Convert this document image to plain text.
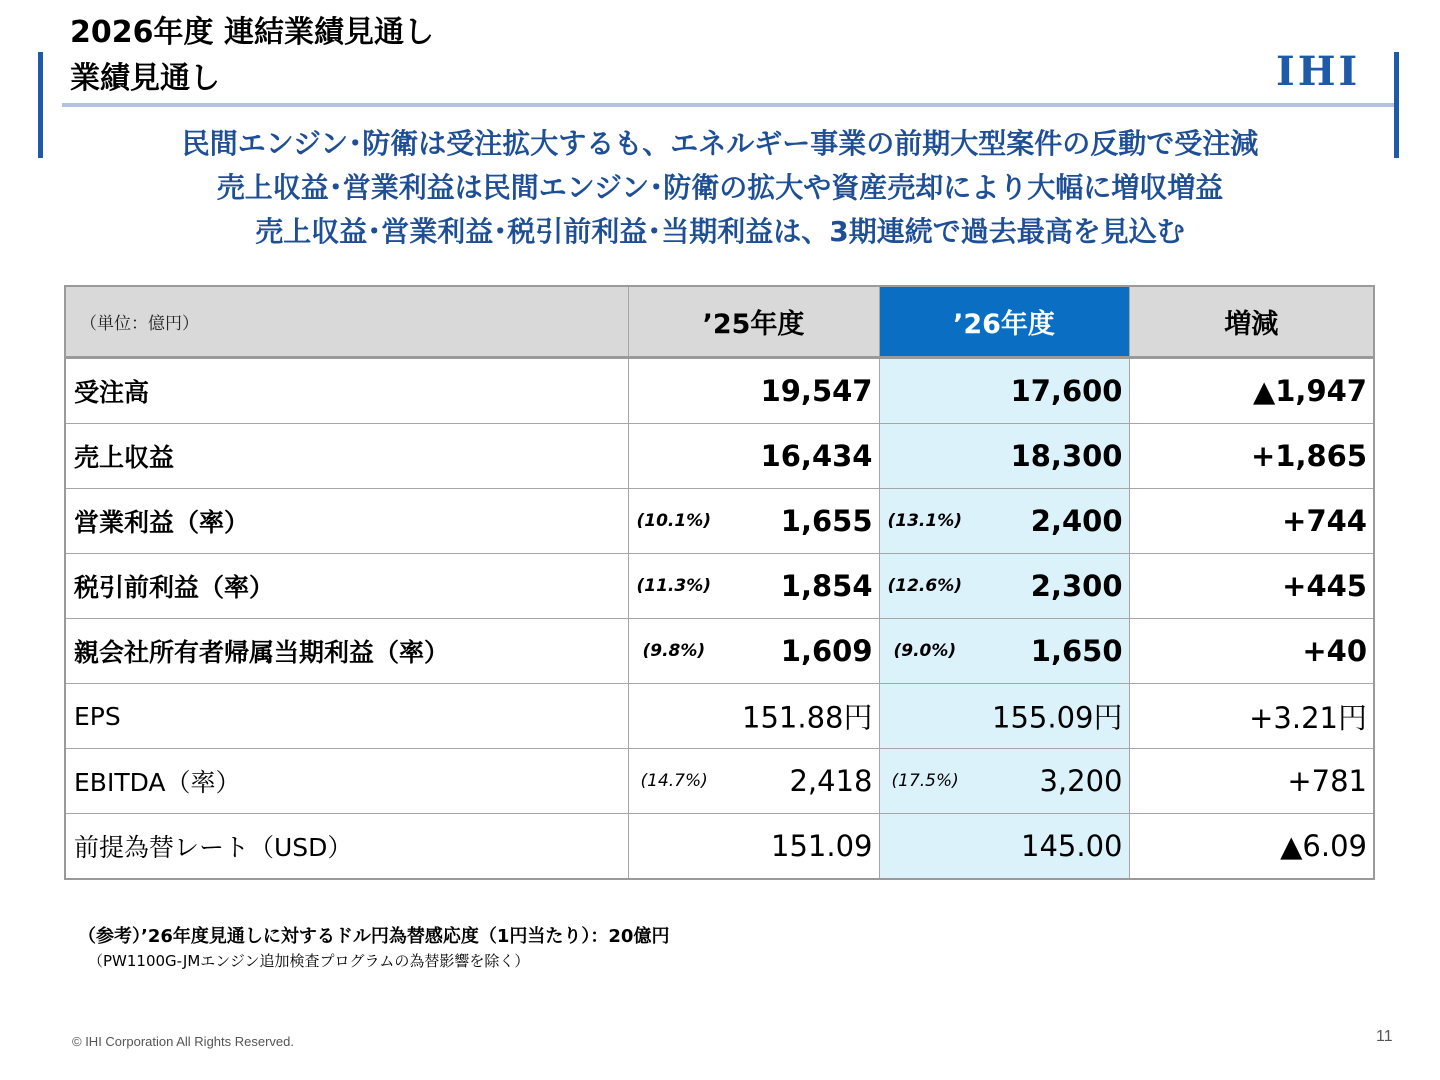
2026年度 連結業績見通し
業績見通し	IHI
民間エンジン･防衛は受注拡大するも、エネルギー事業の前期大型案件の反動で受注減
売上収益･営業利益は民間エンジン･防衛の拡大や資産売却により大幅に増収増益
売上収益･営業利益･税引前利益･当期利益は、3期連続で過去最高を見込む
（単位：億円）	’25年度	’26年度	増減
受注高	19,547	17,600	▲1,947
売上収益	16,434	18,300	+1,865
営業利益（率）	(10.1%) 1,655	(13.1%) 2,400	+744
税引前利益（率）	(11.3%) 1,854	(12.6%) 2,300	+445
親会社所有者帰属当期利益（率）	(9.8%) 1,609	(9.0%) 1,650	+40
EPS	151.88円	155.09円	+3.21円
EBITDA（率）	(14.7%) 2,418	(17.5%) 3,200	+781
前提為替レート（USD）	151.09	145.00	▲6.09
（参考）’26年度見通しに対するドル円為替感応度（1円当たり）：20億円
（PW1100G-JMエンジン追加検査プログラムの為替影響を除く）
© IHI Corporation All Rights Reserved.	11
